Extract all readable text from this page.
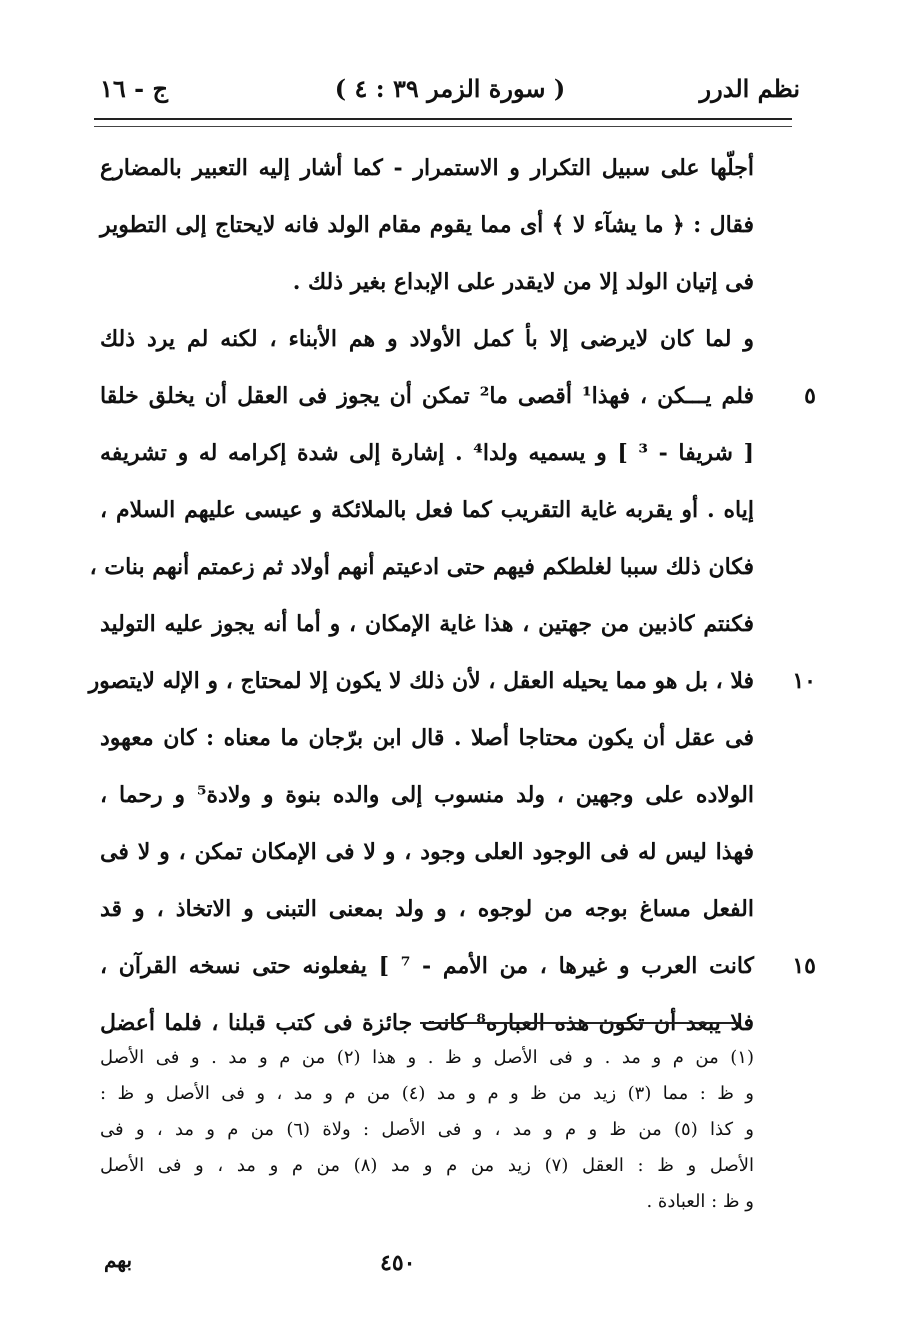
نظم الدرر
( سورة الزمر ٣٩ : ٤ )
ج - ١٦
أجلّها على سبيل التكرار و الاستمرار - كما أشار إليه التعبير بالمضارع
فقال : ﴿ ما يشآء لا ﴾ أى مما يقوم مقام الولد فانه لايحتاج إلى التطوير
فى إتيان الولد إلا من لايقدر على الإبداع بغير ذلك .
و لما كان لايرضى إلا بأ كمل الأولاد و هم الأبناء ، لكنه لم يرد ذلك
٥
فلم يـــكن ، فهذا¹ أقصى ما² تمكن أن يجوز فى العقل أن يخلق خلقا
[ شريفا - ³ ] و يسميه ولدا⁴ . إشارة إلى شدة إكرامه له و تشريفه
إياه . أو يقربه غاية التقريب كما فعل بالملائكة و عيسى عليهم السلام ،
فكان ذلك سببا لغلطكم فيهم حتى ادعيتم أنهم أولاد ثم زعمتم أنهم بنات ،
فكنتم كاذبين من جهتين ، هذا غاية الإمكان ، و أما أنه يجوز عليه التوليد
١٠
فلا ، بل هو مما يحيله العقل ، لأن ذلك لا يكون إلا لمحتاج ، و الإله لايتصور
فى عقل أن يكون محتاجا أصلا . قال ابن برّجان ما معناه : كان معهود
الولاده على وجهين ، ولد منسوب إلى والده بنوة و ولادة⁵ و رحما ،
فهذا ليس له فى الوجود العلى وجود ، و لا فى الإمكان تمكن ، و لا فى
الفعل مساغ بوجه من لوجوه ، و ولد بمعنى التبنى و الاتخاذ ، و قد
١٥
كانت العرب و غيرها ، من الأمم - ⁷ ] يفعلونه حتى نسخه القرآن ،
فلا يبعد أن تكون هذه العباره⁸ كانت جائزة فى كتب قبلنا ، فلما أعضل
(١) من م و مد . و فى الأصل و ظ . و هذا (٢) من م و مد . و فى الأصل
و ظ : مما (٣) زيد من ظ و م و مد (٤) من م و مد ، و فى الأصل و ظ :
و كذا (٥) من ظ و م و مد ، و فى الأصل : ولاة (٦) من م و مد ، و فى
الأصل و ظ : العقل (٧) زيد من م و مد (٨) من م و مد ، و فى الأصل
و ظ : العبادة .
٤٥٠
بهم
